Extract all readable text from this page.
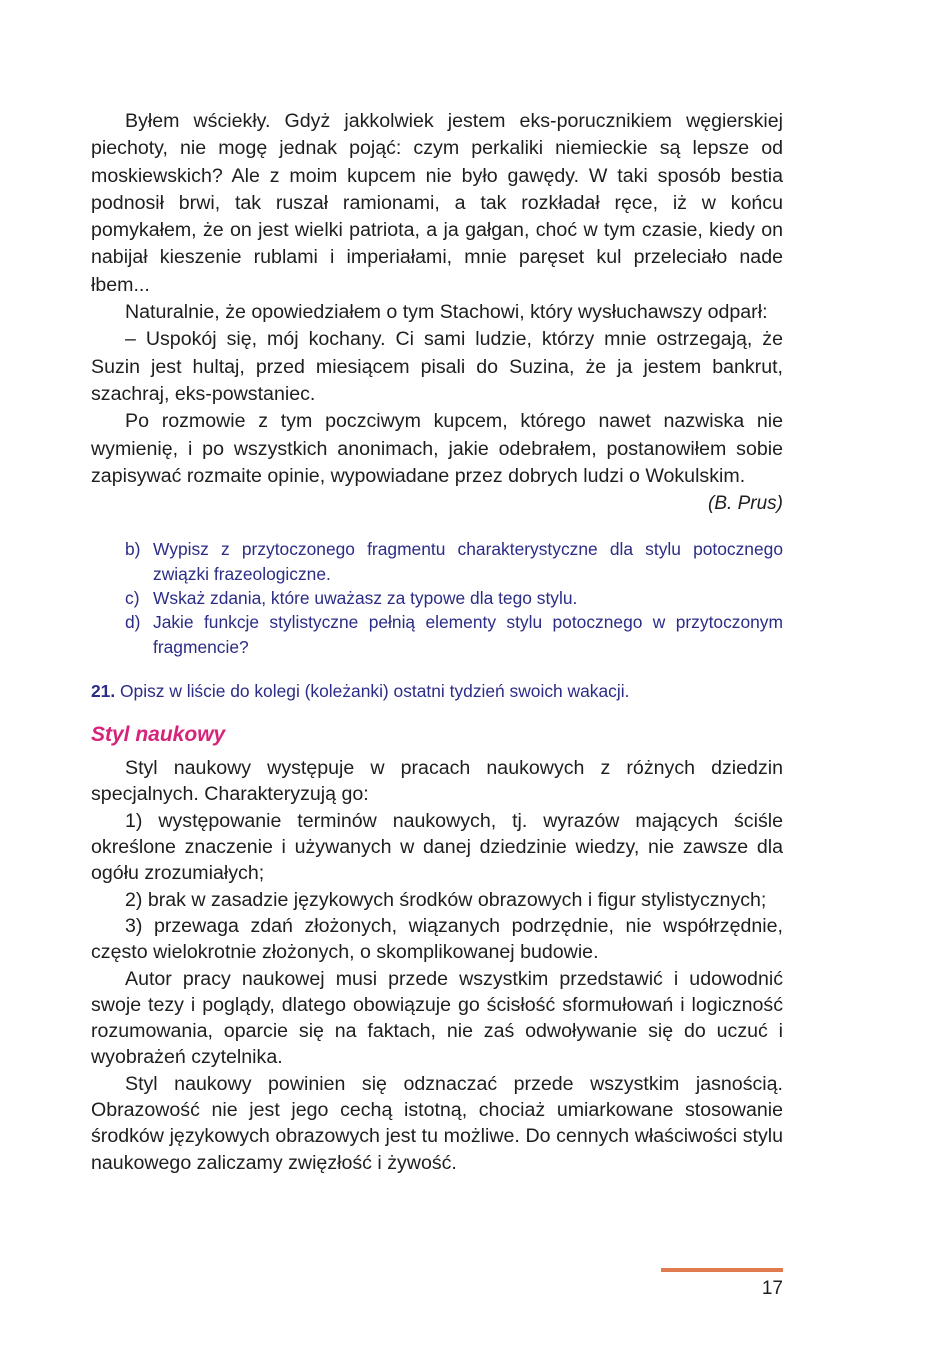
Byłem wściekły. Gdyż jakkolwiek jestem eks-porucznikiem węgierskiej piechoty, nie mogę jednak pojąć: czym perkaliki niemieckie są lepsze od moskiewskich? Ale z moim kupcem nie było gawędy. W taki sposób bestia podnosił brwi, tak ruszał ramionami, a tak rozkładał ręce, iż w końcu pomykałem, że on jest wielki patriota, a ja gałgan, choć w tym czasie, kiedy on nabijał kieszenie rublami i imperiałami, mnie paręset kul przeleciało nade łbem...

Naturalnie, że opowiedziałem o tym Stachowi, który wysłuchawszy odparł:

– Uspokój się, mój kochany. Ci sami ludzie, którzy mnie ostrzegają, że Suzin jest hultaj, przed miesiącem pisali do Suzina, że ja jestem bankrut, szachraj, eks-powstaniec.

Po rozmowie z tym poczciwym kupcem, którego nawet nazwiska nie wymienię, i po wszystkich anonimach, jakie odebrałem, postanowiłem sobie zapisywać rozmaite opinie, wypowiadane przez dobrych ludzi o Wokulskim.

(B. Prus)

b) Wypisz z przytoczonego fragmentu charakterystyczne dla stylu potocznego związki frazeologiczne.
c) Wskaż zdania, które uważasz za typowe dla tego stylu.
d) Jakie funkcje stylistyczne pełnią elementy stylu potocznego w przytoczonym fragmencie?

21. Opisz w liście do kolegi (koleżanki) ostatni tydzień swoich wakacji.

Styl naukowy

Styl naukowy występuje w pracach naukowych z różnych dziedzin specjalnych. Charakteryzują go:

1) występowanie terminów naukowych, tj. wyrazów mających ściśle określone znaczenie i używanych w danej dziedzinie wiedzy, nie zawsze dla ogółu zrozumiałych;

2) brak w zasadzie językowych środków obrazowych i figur stylistycznych;

3) przewaga zdań złożonych, wiązanych podrzędnie, nie współrzędnie, często wielokrotnie złożonych, o skomplikowanej budowie.

Autor pracy naukowej musi przede wszystkim przedstawić i udowodnić swoje tezy i poglądy, dlatego obowiązuje go ścisłość sformułowań i logiczność rozumowania, oparcie się na faktach, nie zaś odwoływanie się do uczuć i wyobrażeń czytelnika.

Styl naukowy powinien się odznaczać przede wszystkim jasnością. Obrazowość nie jest jego cechą istotną, chociaż umiarkowane stosowanie środków językowych obrazowych jest tu możliwe. Do cennych właściwości stylu naukowego zaliczamy zwięzłość i żywość.

17
